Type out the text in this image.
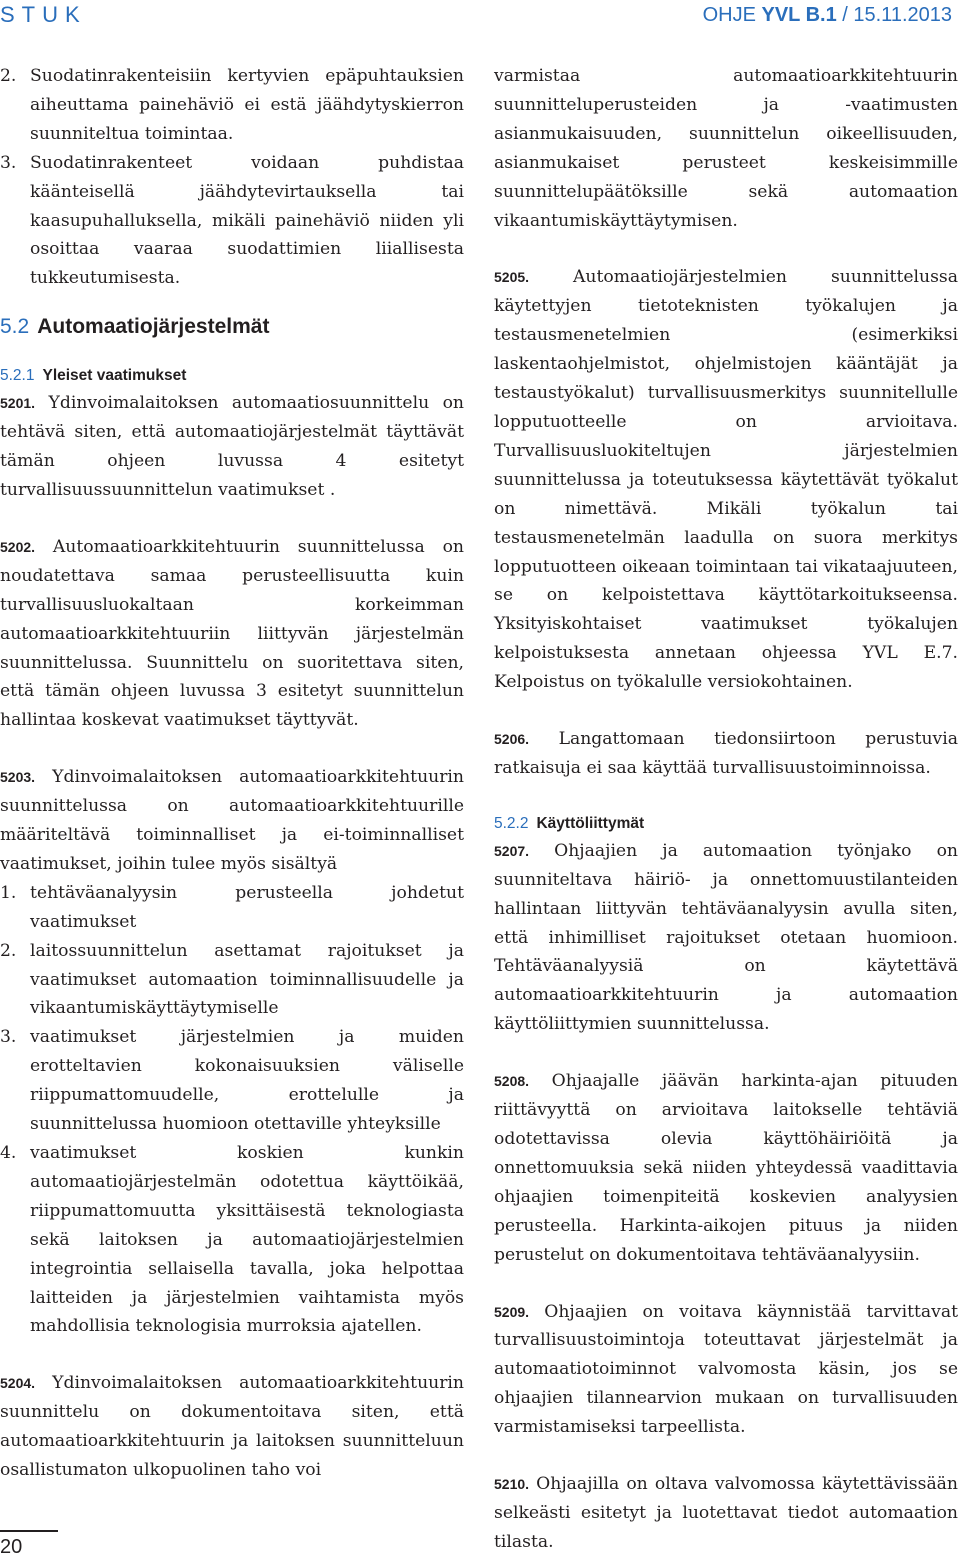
STUK	OHJE YVL B.1 / 15.11.2013
2. Suodatinrakenteisiin kertyvien epäpuhtauksien aiheuttama painehäviö ei estä jäähdytyskierron suunniteltua toimintaa.
3. Suodatinrakenteet voidaan puhdistaa käänteisellä jäähdytevirtauksella tai kaasupuhalluksella, mikäli painehäviö niiden yli osoittaa vaaraa suodattimien liiallisesta tukkeutumisesta.
5.2 Automaatiojärjestelmät
5.2.1 Yleiset vaatimukset

5201. Ydinvoimalaitoksen automaatiosuunnittelu on tehtävä siten, että automaatiojärjestelmät täyttävät tämän ohjeen luvussa 4 esitetyt turvallisuussuunnittelun vaatimukset .

5202. Automaatioarkkitehtuurin suunnittelussa on noudatettava samaa perusteellisuutta kuin turvallisuusluokaltaan korkeimman automaatioarkkitehtuuriin liittyvän järjestelmän suunnittelussa. Suunnittelu on suoritettava siten, että tämän ohjeen luvussa 3 esitetyt suunnittelun hallintaa koskevat vaatimukset täyttyvät.

5203. Ydinvoimalaitoksen automaatioarkkitehtuurin suunnittelussa on automaatioarkkitehtuurille määriteltävä toiminnalliset ja ei-toiminnalliset vaatimukset, joihin tulee myös sisältyä

1. tehtäväanalyysin perusteella johdetut vaatimukset
2. laitossuunnittelun asettamat rajoitukset ja vaatimukset automaation toiminnallisuudelle ja vikaantumiskäyttäytymiselle
3. vaatimukset järjestelmien ja muiden erotteltavien kokonaisuuksien väliselle riippumattomuudelle, erottelulle ja suunnittelussa huomioon otettaville yhteyksille
4. vaatimukset koskien kunkin automaatiojärjestelmän odotettua käyttöikää, riippumattomuutta yksittäisestä teknologiasta sekä laitoksen ja automaatiojärjestelmien integrointia sellaisella tavalla, joka helpottaa laitteiden ja järjestelmien vaihtamista myös mahdollisia teknologisia murroksia ajatellen.

5204. Ydinvoimalaitoksen automaatioarkkitehtuurin suunnittelu on dokumentoitava siten, että automaatioarkkitehtuurin ja laitoksen suunnitteluun osallistumaton ulkopuolinen taho voi

varmistaa automaatioarkkitehtuurin suunnitteluperusteiden ja -vaatimusten asianmukaisuuden, suunnittelun oikeellisuuden, asianmukaiset perusteet keskeisimmille suunnittelupäätöksille sekä automaation vikaantumiskäyttäytymisen.

5205.	Automaatiojärjestelmien suunnittelussa käytettyjen tietoteknisten työkalujen ja testausmenetelmien (esimerkiksi laskentaohjelmistot, ohjelmistojen kääntäjät ja testaustyökalut) turvallisuusmerkitys suunnitellulle lopputuotteelle on arvioitava. Turvallisuusluokiteltujen järjestelmien suunnittelussa ja toteutuksessa käytettävät työkalut on nimettävä. Mikäli työkalun tai testausmenetelmän laadulla on suora merkitys lopputuotteen oikeaan toimintaan tai vikataajuuteen, se on kelpoistettava käyttötarkoitukseensa. Yksityiskohtaiset vaatimukset työkalujen kelpoistuksesta annetaan ohjeessa YVL E.7. Kelpoistus on työkalulle versiokohtainen.

5206. Langattomaan tiedonsiirtoon perustuvia ratkaisuja ei saa käyttää turvallisuustoiminnoissa.

5.2.2 Käyttöliittymät

5207. Ohjaajien ja automaation työnjako on suunniteltava häiriö- ja onnettomuustilanteiden hallintaan liittyvän tehtäväanalyysin avulla siten, että inhimilliset rajoitukset otetaan huomioon. Tehtäväanalyysiä on käytettävä automaatioarkkitehtuurin ja automaation käyttöliittymien suunnittelussa.

5208. Ohjaajalle jäävän harkinta-ajan pituuden riittävyyttä on arvioitava laitokselle tehtäviä odotettavissa olevia käyttöhäiriöitä ja onnettomuuksia sekä niiden yhteydessä vaadittavia ohjaajien toimenpiteitä koskevien analyysien perusteella. Harkinta-aikojen pituus ja niiden perustelut on dokumentoitava tehtäväanalyysiin.

5209. Ohjaajien on voitava käynnistää tarvittavat turvallisuustoimintoja toteuttavat järjestelmät ja automaatiotoiminnot valvomosta käsin, jos se ohjaajien tilannearvion mukaan on turvallisuuden varmistamiseksi tarpeellista.

5210. Ohjaajilla on oltava valvomossa käytettävissään selkeästi esitetyt ja luotettavat tiedot automaation tilasta.

20
